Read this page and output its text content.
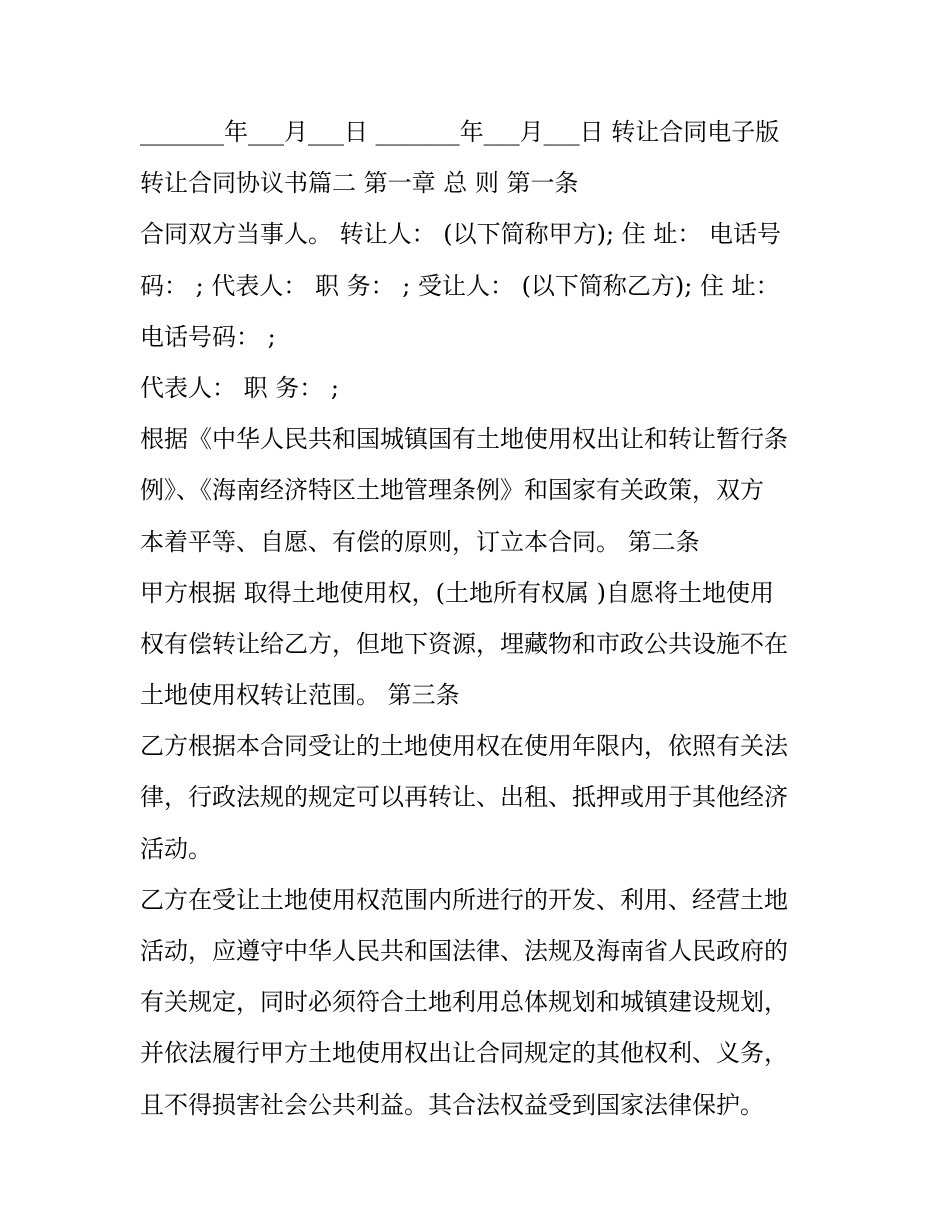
_______年___月___日 _______年___月___日 转让合同电子版
转让合同协议书篇二 第一章 总 则 第一条
合同双方当事人。 转让人： (以下简称甲方); 住 址： 电话号
码： ; 代表人： 职 务： ; 受让人： (以下简称乙方); 住 址：
电话号码： ;
代表人： 职 务： ;
根据《中华人民共和国城镇国有土地使用权出让和转让暂行条
例》、《海南经济特区土地管理条例》和国家有关政策，双方
本着平等、自愿、有偿的原则，订立本合同。 第二条
甲方根据 取得土地使用权，(土地所有权属 )自愿将土地使用
权有偿转让给乙方，但地下资源，埋藏物和市政公共设施不在
土地使用权转让范围。 第三条
乙方根据本合同受让的土地使用权在使用年限内，依照有关法
律，行政法规的规定可以再转让、出租、抵押或用于其他经济
活动。
乙方在受让土地使用权范围内所进行的开发、利用、经营土地
活动，应遵守中华人民共和国法律、法规及海南省人民政府的
有关规定，同时必须符合土地利用总体规划和城镇建设规划，
并依法履行甲方土地使用权出让合同规定的其他权利、义务，
且不得损害社会公共利益。其合法权益受到国家法律保护。
